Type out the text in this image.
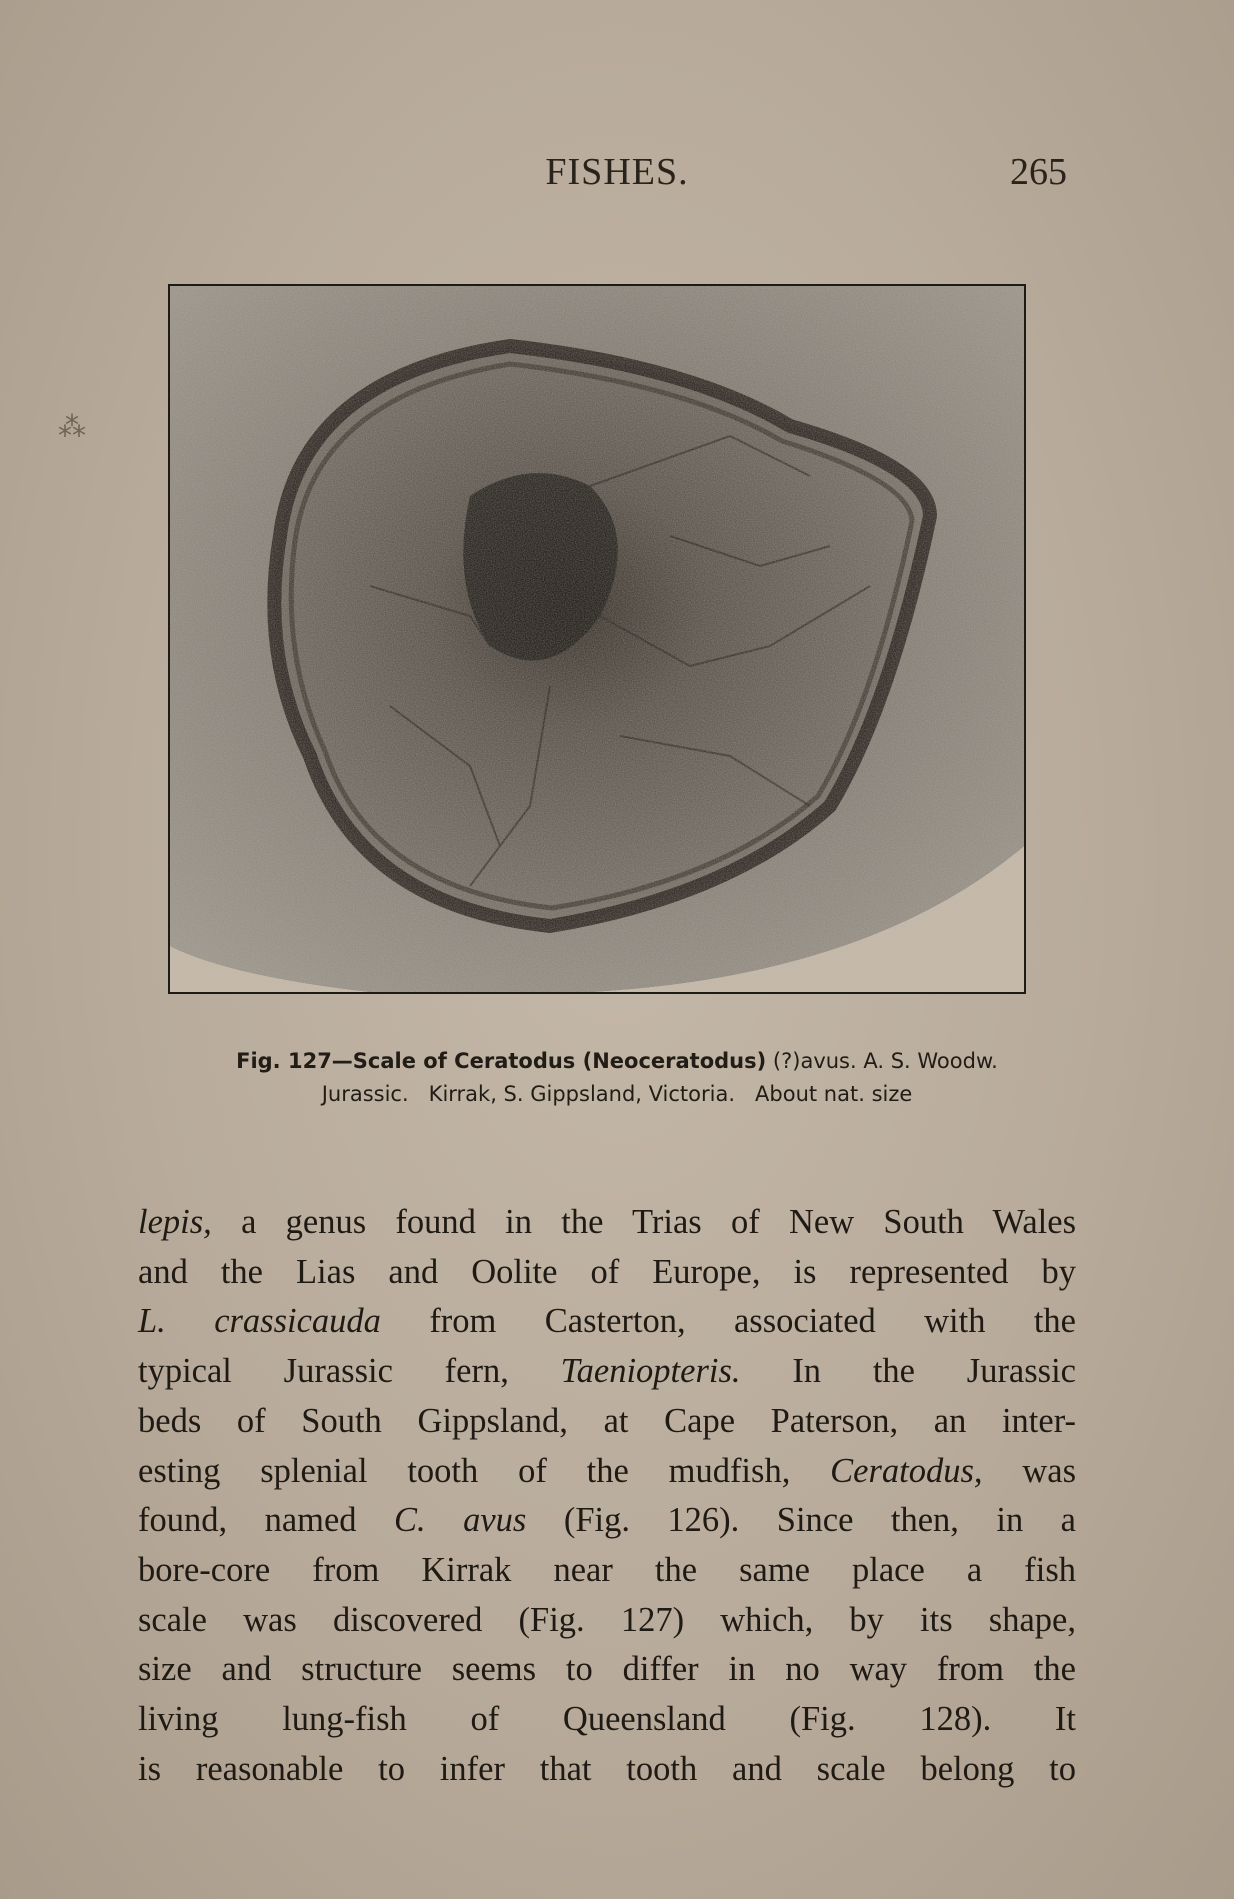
⁂
FISHES.	265
Fig. 127—Scale of Ceratodus (Neoceratodus) (?)avus. A. S. Woodw.
Jurassic.   Kirrak, S. Gippsland, Victoria.   About nat. size
lepis, a genus found in the Trias of New South Wales
and the Lias and Oolite of Europe, is represented by
L. crassicauda from Casterton, associated with the
typical Jurassic fern, Taeniopteris. In the Jurassic
beds of South Gippsland, at Cape Paterson, an inter-
esting splenial tooth of the mudfish, Ceratodus, was
found, named C. avus (Fig. 126). Since then, in a
bore-core from Kirrak near the same place a fish
scale was discovered (Fig. 127) which, by its shape,
size and structure seems to differ in no way from the
living lung-fish of Queensland (Fig. 128). It
is reasonable to infer that tooth and scale belong to
